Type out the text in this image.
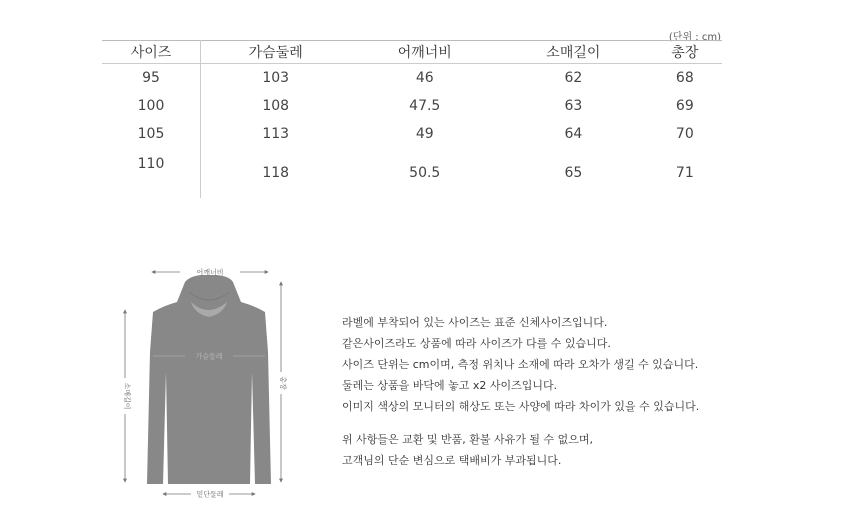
(단위 : cm)
사이즈	가슴둘레	어깨너비	소매길이	총장
95	103	46	62	68
100	108	47.5	63	69
105	113	49	64	70
110	118	50.5	65	71
어깨너비
가슴둘레
소매길이	총장
밑단둘레

라벨에 부착되어 있는 사이즈는 표준 신체사이즈입니다.

같은사이즈라도 상품에 따라 사이즈가 다를 수 있습니다.

사이즈 단위는 cm이며, 측정 위치나 소재에 따라 오차가 생길 수 있습니다.

둘레는 상품을 바닥에 놓고 x2 사이즈입니다.

이미지 색상의 모니터의 해상도 또는 사양에 따라 차이가 있을 수 있습니다.

위 사항들은 교환 및 반품, 환불 사유가 될 수 없으며,

고객님의 단순 변심으로 택배비가 부과됩니다.
